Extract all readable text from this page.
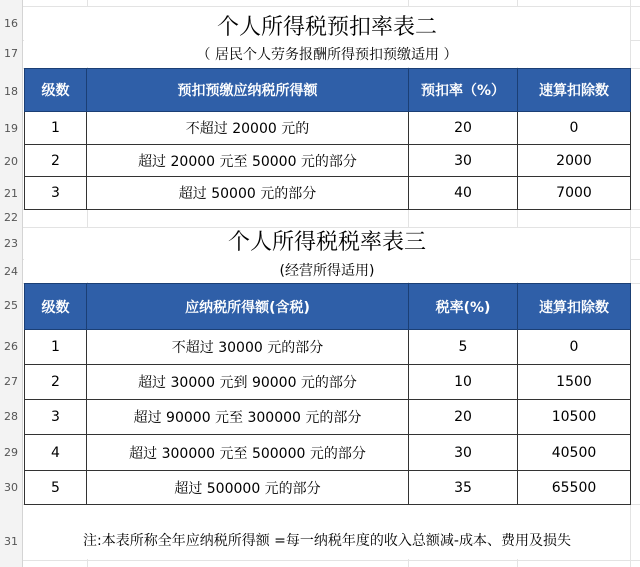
16
17
18
19
20
21
22
23
24
25
26
27
28
29
30
31
个人所得税预扣率表二
（ 居民个人劳务报酬所得预扣预缴适用 ）
级数	预扣预缴应纳税所得额	预扣率（%）	速算扣除数
1	不超过 20000 元的	20	0
2	超过 20000 元至 50000 元的部分	30	2000
3	超过 50000 元的部分	40	7000
个人所得税税率表三
(经营所得适用)
级数	应纳税所得额(含税)	税率(%)	速算扣除数
1	不超过 30000 元的部分	5	0
2	超过 30000 元到 90000 元的部分	10	1500
3	超过 90000 元至 300000 元的部分	20	10500
4	超过 300000 元至 500000 元的部分	30	40500
5	超过 500000 元的部分	35	65500
注:本表所称全年应纳税所得额 =每一纳税年度的收入总额减-成本、费用及损失
